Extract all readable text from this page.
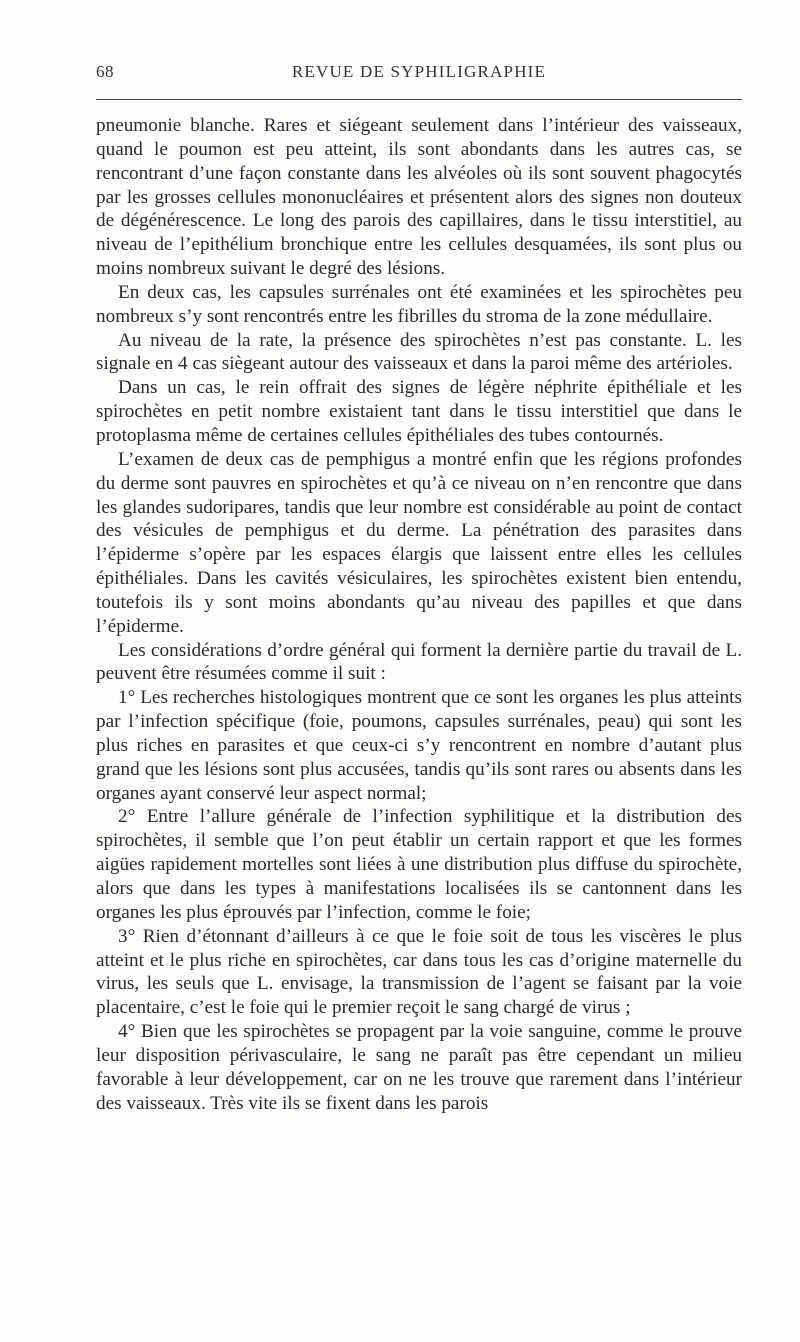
68	REVUE DE SYPHILIGRAPHIE

pneumonie blanche. Rares et siégeant seulement dans l’intérieur des vaisseaux, quand le poumon est peu atteint, ils sont abondants dans les autres cas, se rencontrant d’une façon constante dans les alvéoles où ils sont souvent phagocytés par les grosses cellules mononucléaires et présentent alors des signes non douteux de dégénérescence. Le long des parois des capillaires, dans le tissu interstitiel, au niveau de l’epithélium bronchique entre les cellules desquamées, ils sont plus ou moins nombreux suivant le degré des lésions.

En deux cas, les capsules surrénales ont été examinées et les spirochètes peu nombreux s’y sont rencontrés entre les fibrilles du stroma de la zone médullaire.

Au niveau de la rate, la présence des spirochètes n’est pas constante. L. les signale en 4 cas siègeant autour des vaisseaux et dans la paroi même des artérioles.

Dans un cas, le rein offrait des signes de légère néphrite épithéliale et les spirochètes en petit nombre existaient tant dans le tissu interstitiel que dans le protoplasma même de certaines cellules épithéliales des tubes contournés.

L’examen de deux cas de pemphigus a montré enfin que les régions profondes du derme sont pauvres en spirochètes et qu’à ce niveau on n’en rencontre que dans les glandes sudoripares, tandis que leur nombre est considérable au point de contact des vésicules de pemphigus et du derme. La pénétration des parasites dans l’épiderme s’opère par les espaces élargis que laissent entre elles les cellules épithéliales. Dans les cavités vésiculaires, les spirochètes existent bien entendu, toutefois ils y sont moins abondants qu’au niveau des papilles et que dans l’épiderme.

Les considérations d’ordre général qui forment la dernière partie du travail de L. peuvent être résumées comme il suit :

1° Les recherches histologiques montrent que ce sont les organes les plus atteints par l’infection spécifique (foie, poumons, capsules surrénales, peau) qui sont les plus riches en parasites et que ceux-ci s’y rencontrent en nombre d’autant plus grand que les lésions sont plus accusées, tandis qu’ils sont rares ou absents dans les organes ayant conservé leur aspect normal;

2° Entre l’allure générale de l’infection syphilitique et la distribution des spirochètes, il semble que l’on peut établir un certain rapport et que les formes aigües rapidement mortelles sont liées à une distribution plus diffuse du spirochète, alors que dans les types à manifestations localisées ils se cantonnent dans les organes les plus éprouvés par l’infection, comme le foie;

3° Rien d’étonnant d’ailleurs à ce que le foie soit de tous les viscères le plus atteint et le plus riche en spirochètes, car dans tous les cas d’origine maternelle du virus, les seuls que L. envisage, la transmission de l’agent se faisant par la voie placentaire, c’est le foie qui le premier reçoit le sang chargé de virus ;

4° Bien que les spirochètes se propagent par la voie sanguine, comme le prouve leur disposition périvasculaire, le sang ne paraît pas être cependant un milieu favorable à leur développement, car on ne les trouve que rarement dans l’intérieur des vaisseaux. Très vite ils se fixent dans les parois
